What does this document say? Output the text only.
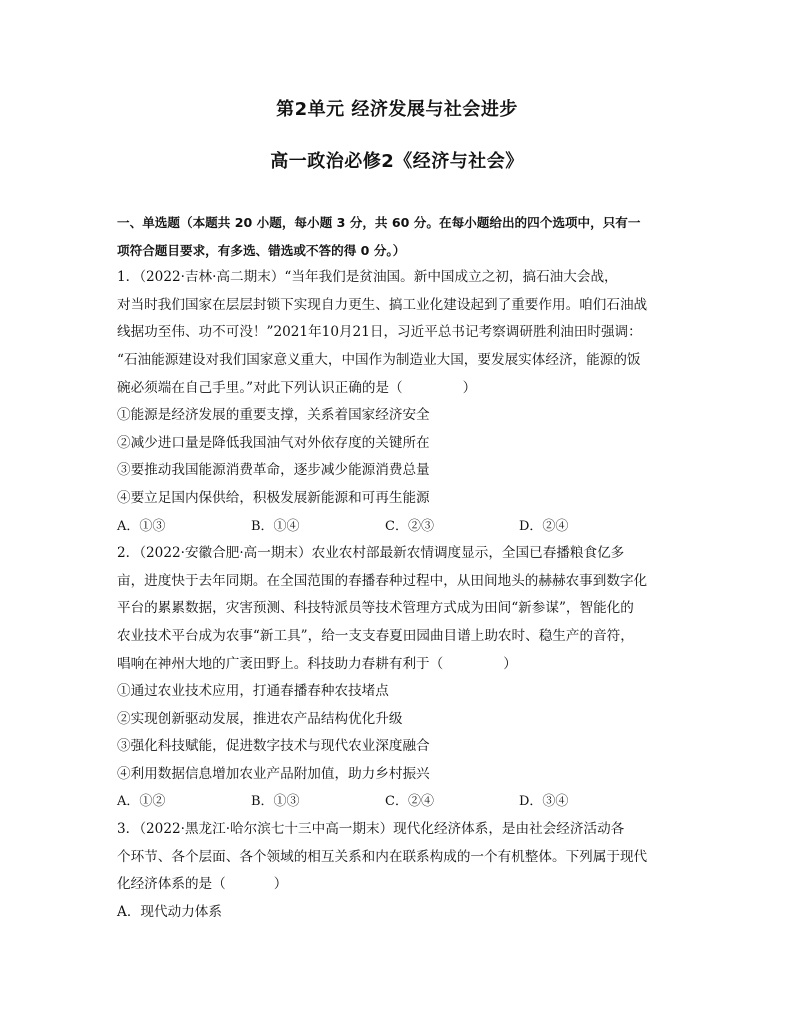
第2单元 经济发展与社会进步
高一政治必修2《经济与社会》
一、单选题（本题共 20 小题，每小题 3 分，共 60 分。在每小题给出的四个选项中，只有一
项符合题目要求，有多选、错选或不答的得 0 分。）
1．（2022·吉林·高二期末）“当年我们是贫油国。新中国成立之初，搞石油大会战，
对当时我们国家在层层封锁下实现自力更生、搞工业化建设起到了重要作用。咱们石油战
线据功至伟、功不可没！”2021年10月21日，习近平总书记考察调研胜利油田时强调：
“石油能源建设对我们国家意义重大，中国作为制造业大国，要发展实体经济，能源的饭
碗必须端在自己手里。”对此下列认识正确的是（	）
①能源是经济发展的重要支撑，关系着国家经济安全
②减少进口量是降低我国油气对外依存度的关键所在
③要推动我国能源消费革命，逐步减少能源消费总量
④要立足国内保供给，积极发展新能源和可再生能源
A．①③	B．①④	C．②③	D．②④
2．（2022·安徽合肥·高一期末）农业农村部最新农情调度显示，全国已春播粮食亿多
亩，进度快于去年同期。在全国范围的春播春种过程中，从田间地头的赫赫农事到数字化
平台的累累数据，灾害预测、科技特派员等技术管理方式成为田间“新参谋”，智能化的
农业技术平台成为农事“新工具”，给一支支春夏田园曲目谱上助农时、稳生产的音符，
唱响在神州大地的广袤田野上。科技助力春耕有利于（	）
①通过农业技术应用，打通春播春种农技堵点
②实现创新驱动发展，推进农产品结构优化升级
③强化科技赋能，促进数字技术与现代农业深度融合
④利用数据信息增加农业产品附加值，助力乡村振兴
A．①②	B．①③	C．②④	D．③④
3．（2022·黑龙江·哈尔滨七十三中高一期末）现代化经济体系，是由社会经济活动各
个环节、各个层面、各个领域的相互关系和内在联系构成的一个有机整体。下列属于现代
化经济体系的是（	）
A．现代动力体系
